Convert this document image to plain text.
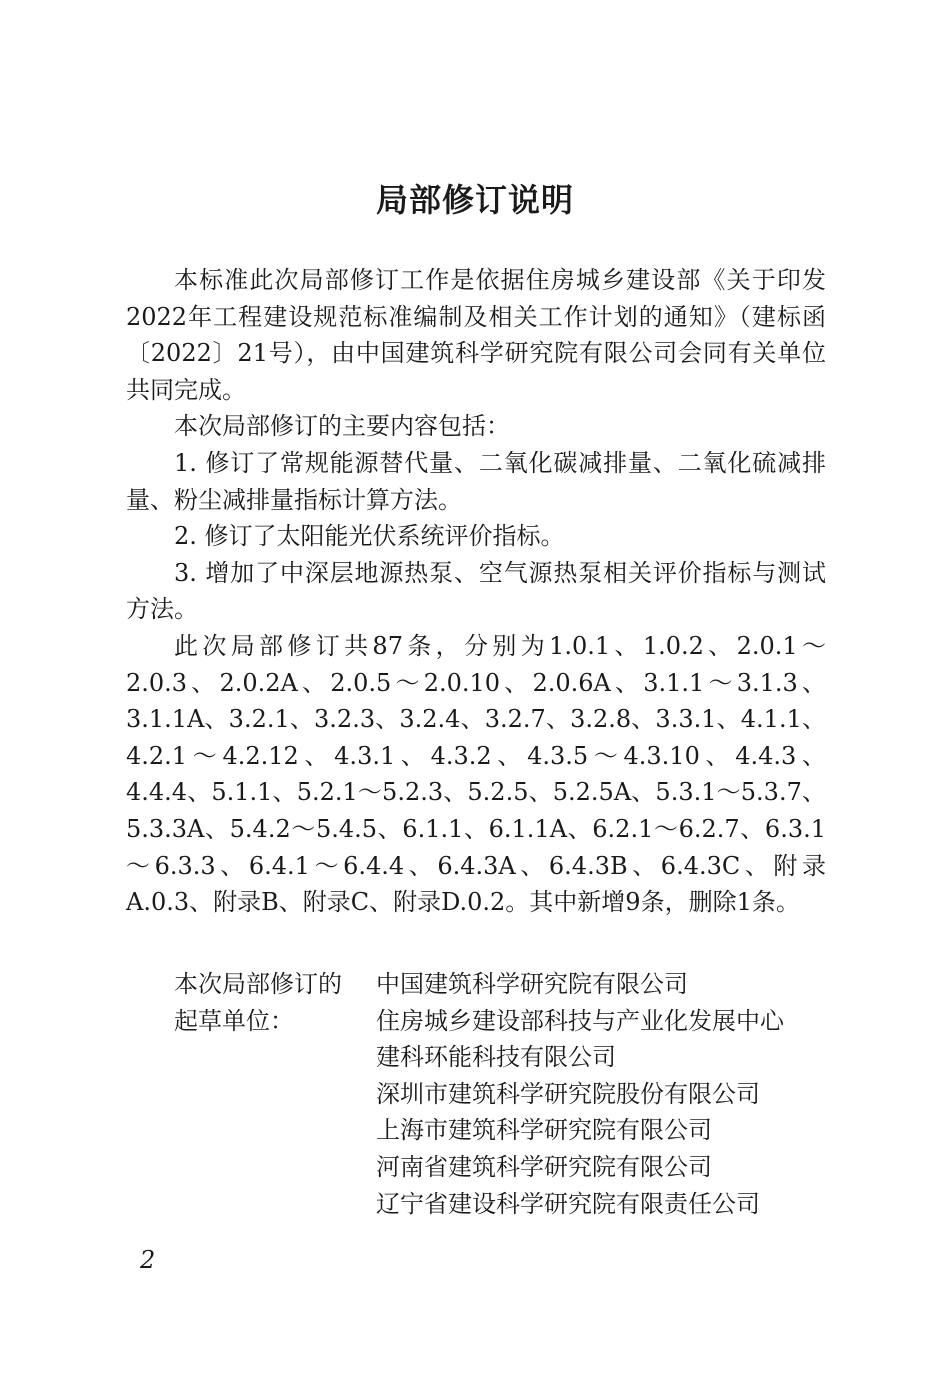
局部修订说明

本标准此次局部修订工作是依据住房城乡建设部《关于印发2022年工程建设规范标准编制及相关工作计划的通知》（建标函〔2022〕21号），由中国建筑科学研究院有限公司会同有关单位共同完成。

本次局部修订的主要内容包括：

1. 修订了常规能源替代量、二氧化碳减排量、二氧化硫减排量、粉尘减排量指标计算方法。

2. 修订了太阳能光伏系统评价指标。

3. 增加了中深层地源热泵、空气源热泵相关评价指标与测试方法。

此次局部修订共87条，分别为1.0.1、1.0.2、2.0.1～2.0.3、2.0.2A、2.0.5～2.0.10、2.0.6A、3.1.1～3.1.3、3.1.1A、3.2.1、3.2.3、3.2.4、3.2.7、3.2.8、3.3.1、4.1.1、4.2.1～4.2.12、4.3.1、4.3.2、4.3.5～4.3.10、4.4.3、4.4.4、5.1.1、5.2.1～5.2.3、5.2.5、5.2.5A、5.3.1～5.3.7、5.3.3A、5.4.2～5.4.5、6.1.1、6.1.1A、6.2.1～6.2.7、6.3.1～6.3.3、6.4.1～6.4.4、6.4.3A、6.4.3B、6.4.3C、附录A.0.3、附录B、附录C、附录D.0.2。其中新增9条，删除1条。

本次局部修订的
起草单位：
中国建筑科学研究院有限公司
住房城乡建设部科技与产业化发展中心
建科环能科技有限公司
深圳市建筑科学研究院股份有限公司
上海市建筑科学研究院有限公司
河南省建筑科学研究院有限公司
辽宁省建设科学研究院有限责任公司
2
